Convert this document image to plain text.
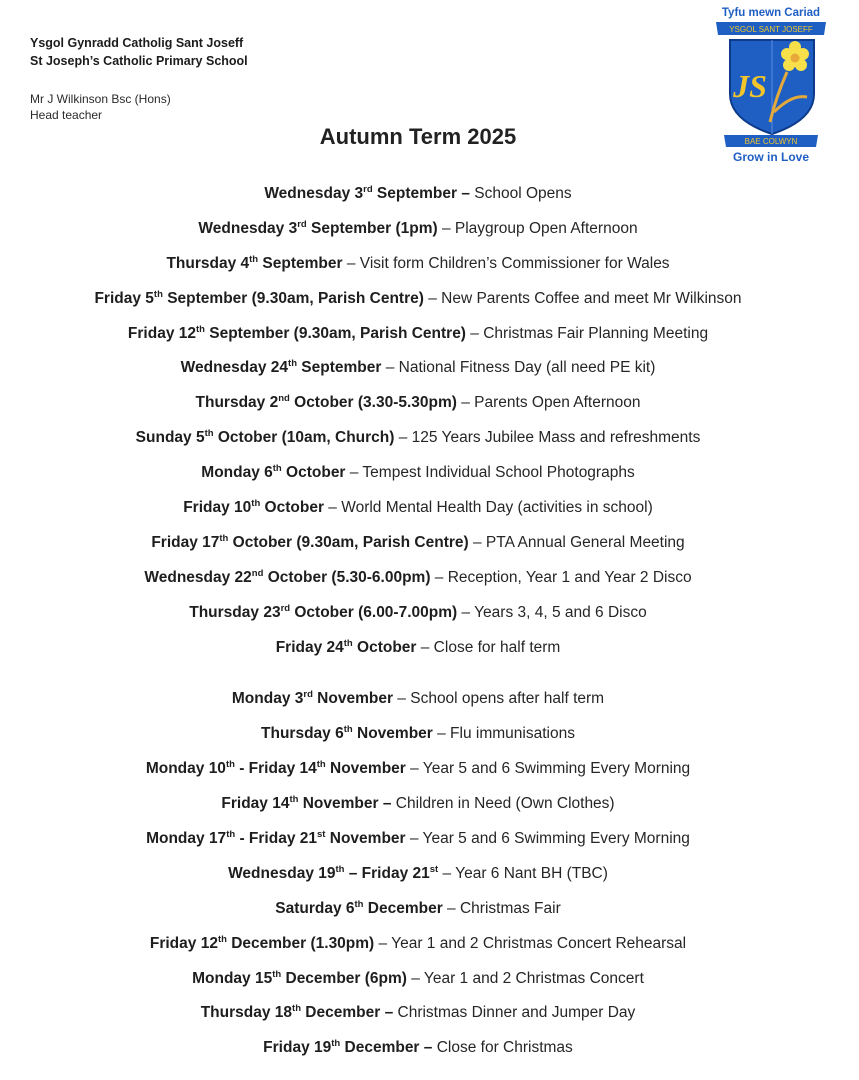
Ysgol Gynradd Catholig Sant Joseff
St Joseph’s Catholic Primary School
Mr J Wilkinson Bsc (Hons)
Head teacher
Tyfu mewn Cariad
YSGOL SANT JOSEFF
JS
BAE COLWYN
Grow in Love
Autumn Term 2025
Wednesday 3rd September – School Opens
Wednesday 3rd September (1pm) – Playgroup Open Afternoon
Thursday 4th September – Visit form Children’s Commissioner for Wales
Friday 5th September (9.30am, Parish Centre) – New Parents Coffee and meet Mr Wilkinson
Friday 12th September (9.30am, Parish Centre) – Christmas Fair Planning Meeting
Wednesday 24th September – National Fitness Day (all need PE kit)
Thursday 2nd October (3.30-5.30pm) – Parents Open Afternoon
Sunday 5th October (10am, Church) – 125 Years Jubilee Mass and refreshments
Monday 6th October – Tempest Individual School Photographs
Friday 10th October – World Mental Health Day (activities in school)
Friday 17th October (9.30am, Parish Centre) – PTA Annual General Meeting
Wednesday 22nd October (5.30-6.00pm) – Reception, Year 1 and Year 2 Disco
Thursday 23rd October (6.00-7.00pm) – Years 3, 4, 5 and 6 Disco
Friday 24th October – Close for half term
Monday 3rd November – School opens after half term
Thursday 6th November – Flu immunisations
Monday 10th - Friday 14th November – Year 5 and 6 Swimming Every Morning
Friday 14th November – Children in Need (Own Clothes)
Monday 17th - Friday 21st November – Year 5 and 6 Swimming Every Morning
Wednesday 19th – Friday 21st – Year 6 Nant BH (TBC)
Saturday 6th December – Christmas Fair
Friday 12th December (1.30pm) – Year 1 and 2 Christmas Concert Rehearsal
Monday 15th December (6pm) – Year 1 and 2 Christmas Concert
Thursday 18th December – Christmas Dinner and Jumper Day
Friday 19th December – Close for Christmas
